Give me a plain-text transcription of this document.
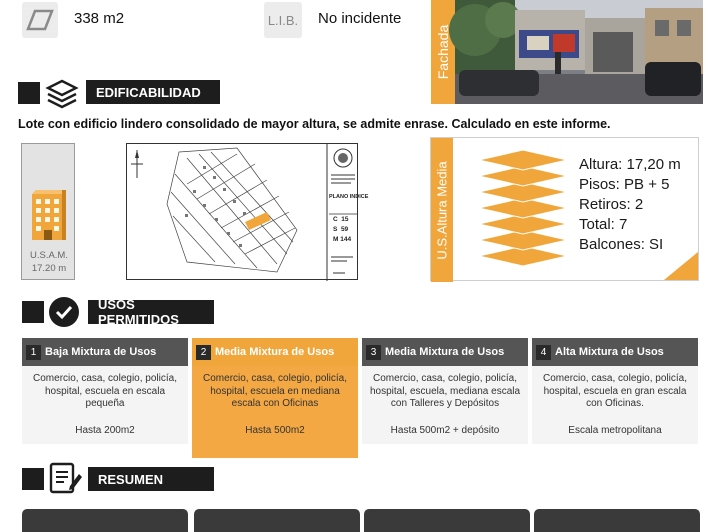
338 m2	L.I.B. No incidente
Fachada
EDIFICABILIDAD
Lote con edificio lindero consolidado de mayor altura, se admite enrase. Calculado en este informe.
U.S.A.M.
17.20 m
PLANO INDICE
C  15
S  59
M 144	U.S.Altura Media	Altura: 17,20 m
Pisos: PB + 5
Retiros: 2
Total: 7
Balcones: SI
USOS PERMITIDOS
1 Baja Mixtura de Usos
Comercio, casa, colegio, policía, hospital, escuela en escala pequeña
Hasta 200m2
2 Media Mixtura de Usos
Comercio, casa, colegio, policía, hospital, escuela en mediana escala con Oficinas
Hasta 500m2
3 Media Mixtura de Usos
Comercio, casa, colegio, policía, hospital, escuela, mediana escala con Talleres y Depósitos
Hasta 500m2 + depósito
4 Alta Mixtura de Usos
Comercio, casa, colegio, policía, hospital, escuela en gran escala con Oficinas.
Escala metropolitana
RESUMEN
